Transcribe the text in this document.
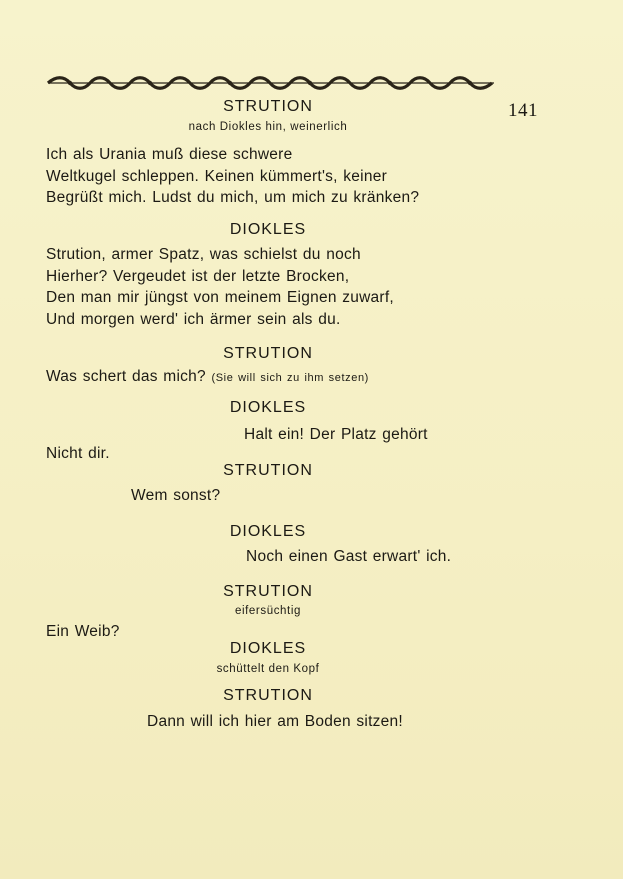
141
STRUTION
nach Diokles hin, weinerlich
Ich als Urania muß diese schwere
Weltkugel schleppen. Keinen kümmert's, keiner
Begrüßt mich. Ludst du mich, um mich zu kränken?
DIOKLES
Strution, armer Spatz, was schielst du noch
Hierher? Vergeudet ist der letzte Brocken,
Den man mir jüngst von meinem Eignen zuwarf,
Und morgen werd' ich ärmer sein als du.
STRUTION
Was schert das mich? (Sie will sich zu ihm setzen)
DIOKLES
Halt ein! Der Platz gehört
Nicht dir.
STRUTION
Wem sonst?
DIOKLES
Noch einen Gast erwart' ich.
STRUTION
eifersüchtig
Ein Weib?
DIOKLES
schüttelt den Kopf
STRUTION
Dann will ich hier am Boden sitzen!
